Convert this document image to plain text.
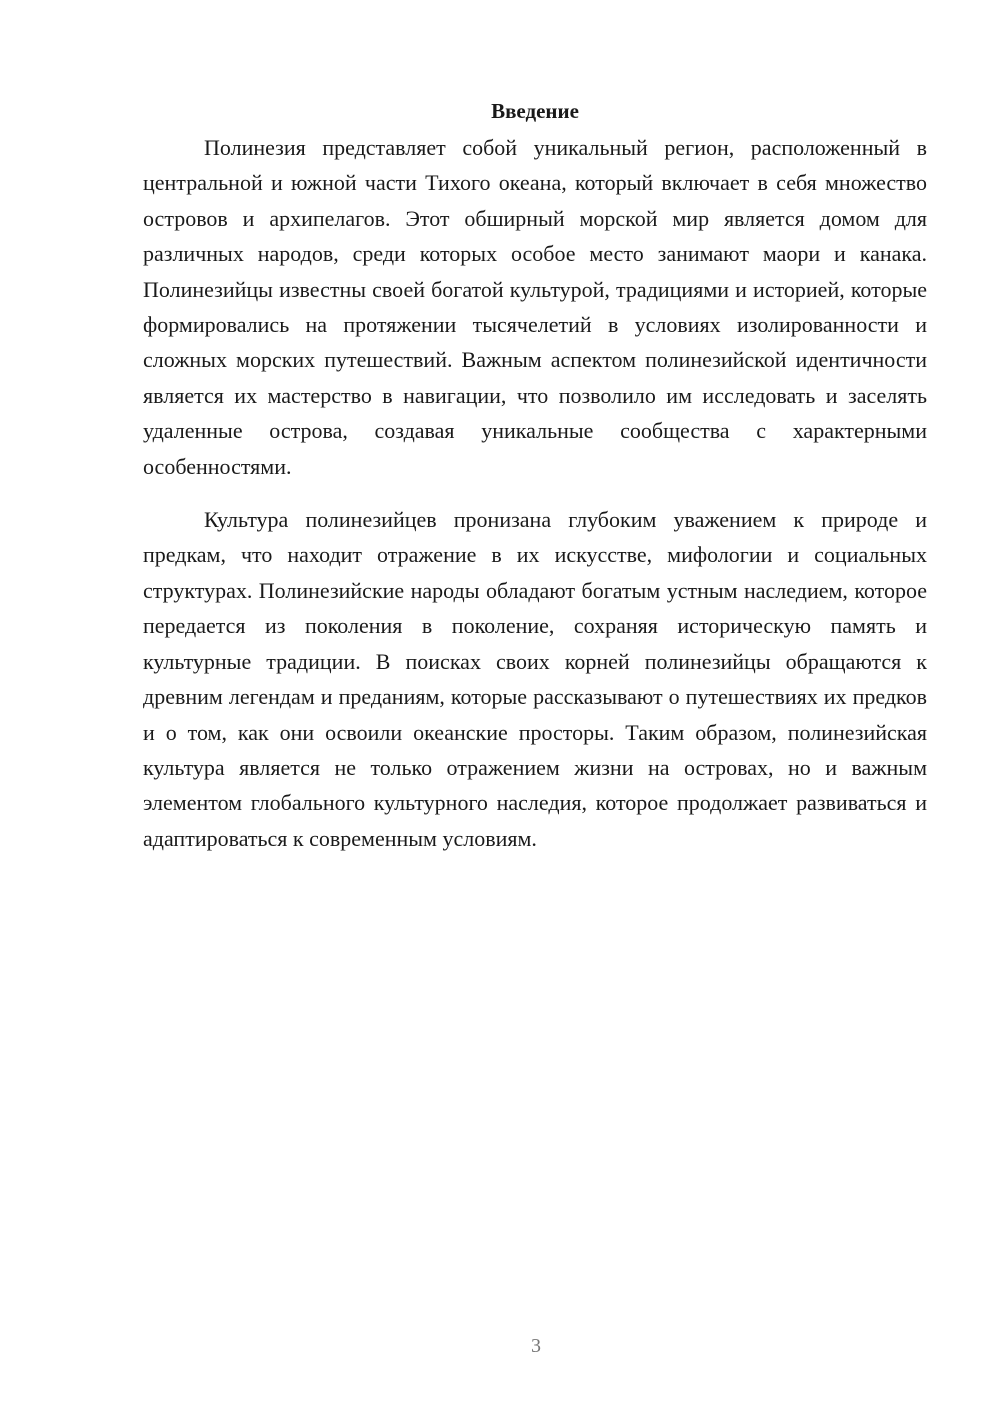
Введение

Полинезия представляет собой уникальный регион, расположенный в центральной и южной части Тихого океана, который включает в себя множество островов и архипелагов. Этот обширный морской мир является домом для различных народов, среди которых особое место занимают маори и канака. Полинезийцы известны своей богатой культурой, традициями и историей, которые формировались на протяжении тысячелетий в условиях изолированности и сложных морских путешествий. Важным аспектом полинезийской идентичности является их мастерство в навигации, что позволило им исследовать и заселять удаленные острова, создавая уникальные сообщества с характерными особенностями.

Культура полинезийцев пронизана глубоким уважением к природе и предкам, что находит отражение в их искусстве, мифологии и социальных структурах. Полинезийские народы обладают богатым устным наследием, которое передается из поколения в поколение, сохраняя историческую память и культурные традиции. В поисках своих корней полинезийцы обращаются к древним легендам и преданиям, которые рассказывают о путешествиях их предков и о том, как они освоили океанские просторы. Таким образом, полинезийская культура является не только отражением жизни на островах, но и важным элементом глобального культурного наследия, которое продолжает развиваться и адаптироваться к современным условиям.

3
